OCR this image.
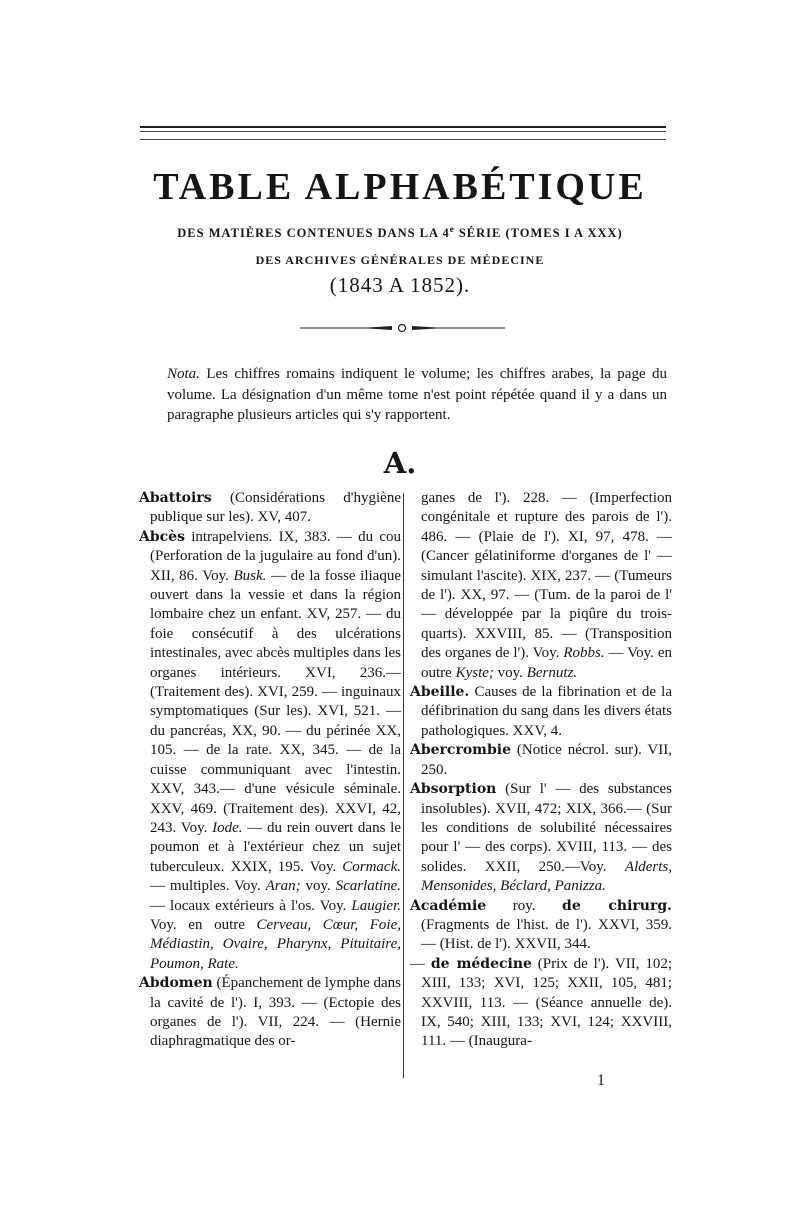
TABLE ALPHABÉTIQUE
DES MATIÈRES CONTENUES DANS LA 4e SÉRIE (TOMES I A XXX)
DES ARCHIVES GÉNÉRALES DE MÉDECINE
(1843 A 1852).
Nota. Les chiffres romains indiquent le volume; les chiffres arabes, la page du volume. La désignation d'un même tome n'est point répétée quand il y a dans un paragraphe plusieurs articles qui s'y rapportent.
A.

Abattoirs (Considérations d'hygiène publique sur les). XV, 407.

Abcès intrapelviens. IX, 383. — du cou (Perforation de la jugulaire au fond d'un). XII, 86. Voy. Busk. — de la fosse iliaque ouvert dans la vessie et dans la région lombaire chez un enfant. XV, 257. — du foie consécutif à des ulcérations intestinales, avec abcès multiples dans les organes intérieurs. XVI, 236.— (Traitement des). XVI, 259. — inguinaux symptomatiques (Sur les). XVI, 521. — du pancréas, XX, 90. — du périnée XX, 105. — de la rate. XX, 345. — de la cuisse communiquant avec l'intestin. XXV, 343.— d'une vésicule séminale. XXV, 469. (Traitement des). XXVI, 42, 243. Voy. Iode. — du rein ouvert dans le poumon et à l'extérieur chez un sujet tuberculeux. XXIX, 195. Voy. Cormack.— multiples. Voy. Aran; voy. Scarlatine. — locaux extérieurs à l'os. Voy. Laugier. Voy. en outre Cerveau, Cœur, Foie, Médiastin, Ovaire, Pharynx, Pituitaire, Poumon, Rate.

Abdomen (Épanchement de lymphe dans la cavité de l'). I, 393. — (Ectopie des organes de l'). VII, 224. — (Hernie diaphragmatique des or-

ganes de l'). 228. — (Imperfection congénitale et rupture des parois de l'). 486. — (Plaie de l'). XI, 97, 478. — (Cancer gélatiniforme d'organes de l' — simulant l'ascite). XIX, 237. — (Tumeurs de l'). XX, 97. — (Tum. de la paroi de l' — développée par la piqûre du trois-quarts). XXVIII, 85. — (Transposition des organes de l'). Voy. Robbs. — Voy. en outre Kyste; voy. Bernutz.

Abeille. Causes de la fibrination et de la défibrination du sang dans les divers états pathologiques. XXV, 4.

Abercrombie (Notice nécrol. sur). VII, 250.

Absorption (Sur l' — des substances insolubles). XVII, 472; XIX, 366.— (Sur les conditions de solubilité nécessaires pour l' — des corps). XVIII, 113. — des solides. XXII, 250.—Voy. Alderts, Mensonides, Béclard, Panizza.

Académie roy. de chirurg. (Fragments de l'hist. de l'). XXVI, 359. — (Hist. de l'). XXVII, 344.

— de médecine (Prix de l'). VII, 102; XIII, 133; XVI, 125; XXII, 105, 481; XXVIII, 113. — (Séance annuelle de). IX, 540; XIII, 133; XVI, 124; XXVIII, 111. — (Inaugura-

1
